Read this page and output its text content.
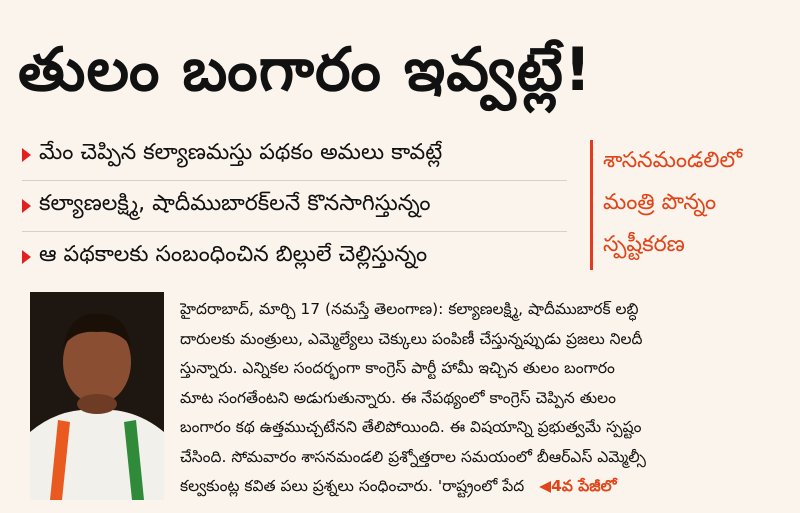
తులం బంగారం ఇవ్వట్లే!
మేం చెప్పిన కల్యాణమస్తు పథకం అమలు కావట్లే
కల్యాణలక్ష్మి, షాదీముబారక్‌లనే కొనసాగిస్తున్నం
ఆ పథకాలకు సంబంధించిన బిల్లులే చెల్లిస్తున్నం
శాసనమండలిలో
మంత్రి పొన్నం
స్పష్టీకరణ
హైదరాబాద్, మార్చి 17 (నమస్తే తెలంగాణ): కల్యాణలక్ష్మి, షాదీముబారక్ లబ్ధి
దారులకు మంత్రులు, ఎమ్మెల్యేలు చెక్కులు పంపిణీ చేస్తున్నప్పుడు ప్రజలు నిలదీ
స్తున్నారు. ఎన్నికల సందర్భంగా కాంగ్రెస్ పార్టీ హామీ ఇచ్చిన తులం బంగారం
మాట సంగతేంటని అడుగుతున్నారు. ఈ నేపథ్యంలో కాంగ్రెస్ చెప్పిన తులం
బంగారం కథ ఉత్తముచ్చటేనని తేలిపోయింది. ఈ విషయాన్ని ప్రభుత్వమే స్పష్టం
చేసింది. సోమవారం శాసనమండలి ప్రశ్నోత్తరాల సమయంలో బీఆర్ఎస్ ఎమ్మెల్సీ
కల్వకుంట్ల కవిత పలు ప్రశ్నలు సంధించారు. 'రాష్ట్రంలో పేద ◀4వ పేజీలో
